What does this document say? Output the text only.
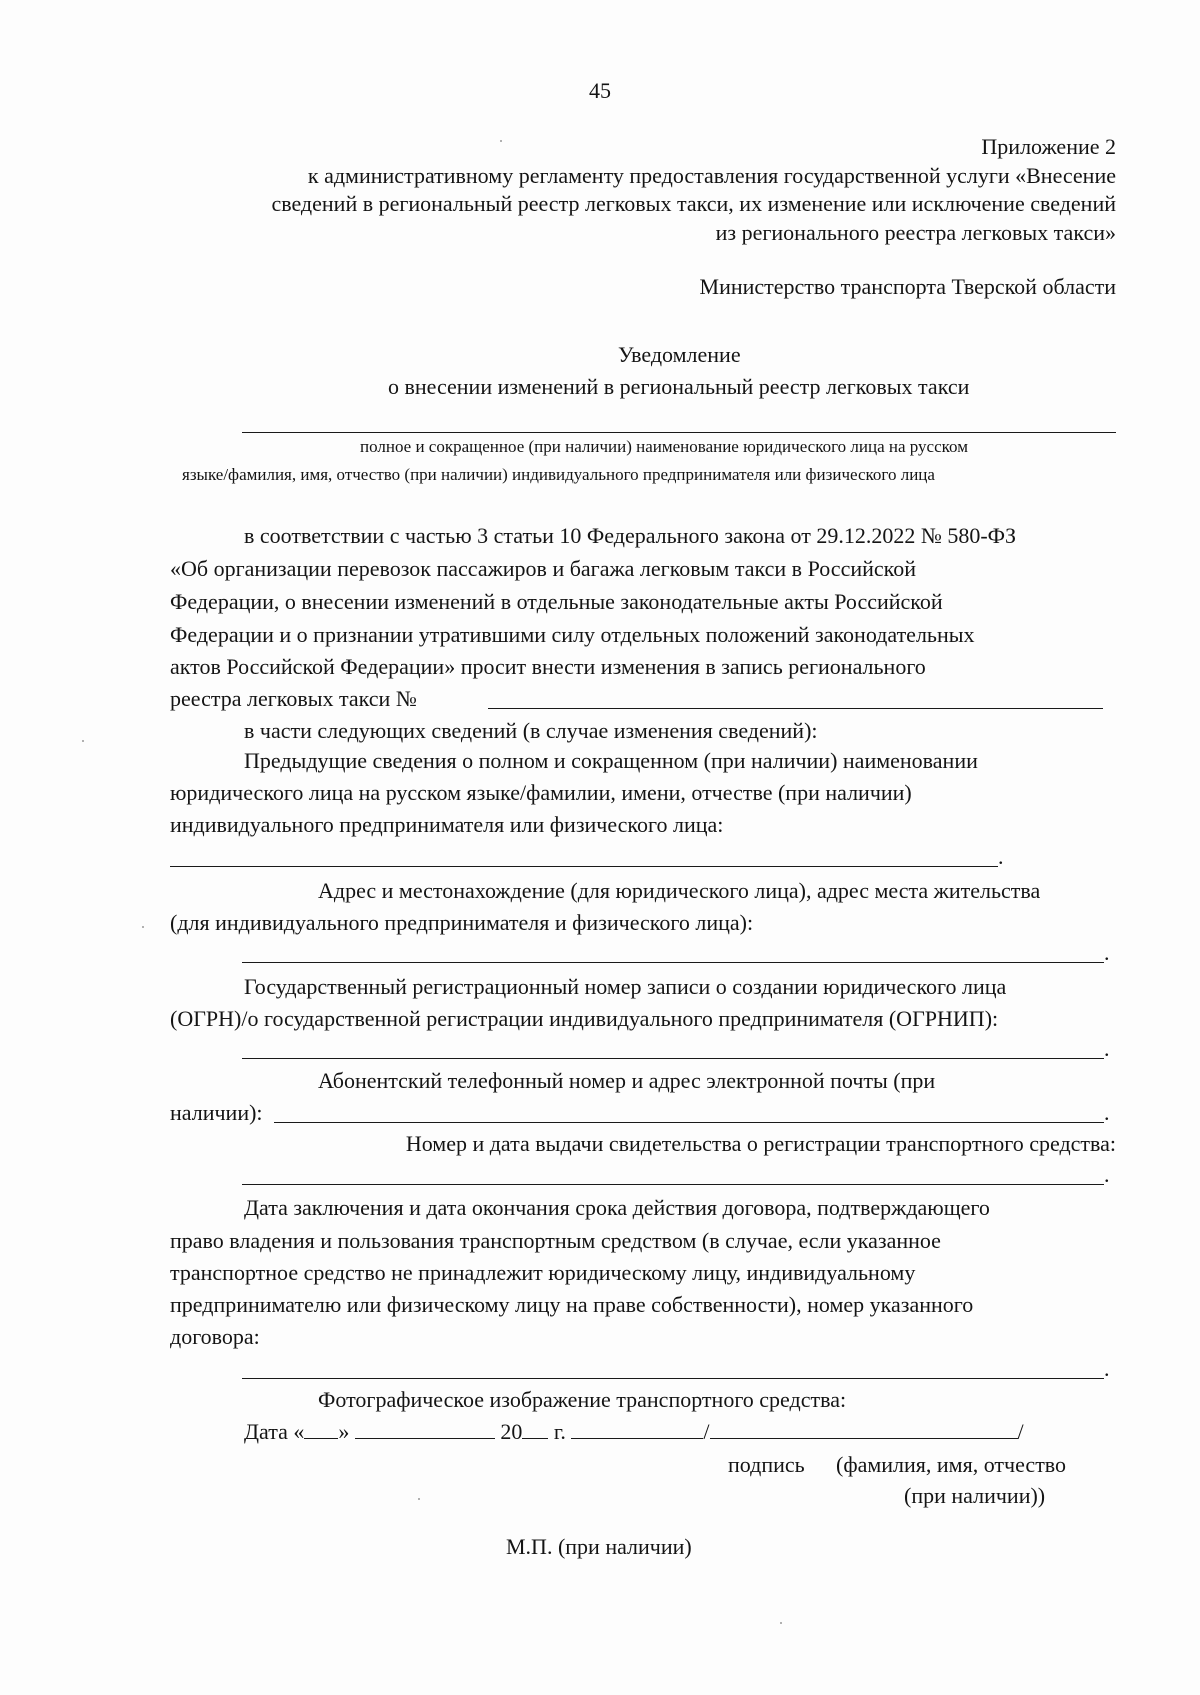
45

Приложение 2

к административному регламенту предоставления государственной услуги «Внесение

сведений в региональный реестр легковых такси, их изменение или исключение сведений

из регионального реестра легковых такси»

Министерство транспорта Тверской области

Уведомление

о внесении изменений в региональный реестр легковых такси

полное и сокращенное (при наличии) наименование юридического лица на русском

языке/фамилия, имя, отчество (при наличии) индивидуального предпринимателя или физического лица

в соответствии с частью 3 статьи 10 Федерального закона от 29.12.2022 № 580-ФЗ

«Об организации перевозок пассажиров и багажа легковым такси в Российской

Федерации, о внесении изменений в отдельные законодательные акты Российской

Федерации и о признании утратившими силу отдельных положений законодательных

актов Российской Федерации» просит внести изменения в запись регионального

реестра легковых такси №

в части следующих сведений (в случае изменения сведений):

Предыдущие сведения о полном и сокращенном (при наличии) наименовании

юридического лица на русском языке/фамилии, имени, отчестве (при наличии)

индивидуального предпринимателя или физического лица:

.

Адрес и местонахождение (для юридического лица), адрес места жительства

(для индивидуального предпринимателя и физического лица):

.

Государственный регистрационный номер записи о создании юридического лица

(ОГРН)/о государственной регистрации индивидуального предпринимателя (ОГРНИП):

.

Абонентский телефонный номер и адрес электронной почты (при

наличии):	.

Номер и дата выдачи свидетельства о регистрации транспортного средства:

.

Дата заключения и дата окончания срока действия договора, подтверждающего

право владения и пользования транспортным средством (в случае, если указанное

транспортное средство не принадлежит юридическому лицу, индивидуальному

предпринимателю или физическому лицу на праве собственности), номер указанного

договора:

.

Фотографическое изображение транспортного средства:

Дата « »	20 г.	/	/

подпись (фамилия, имя, отчество

(при наличии))

М.П. (при наличии)
